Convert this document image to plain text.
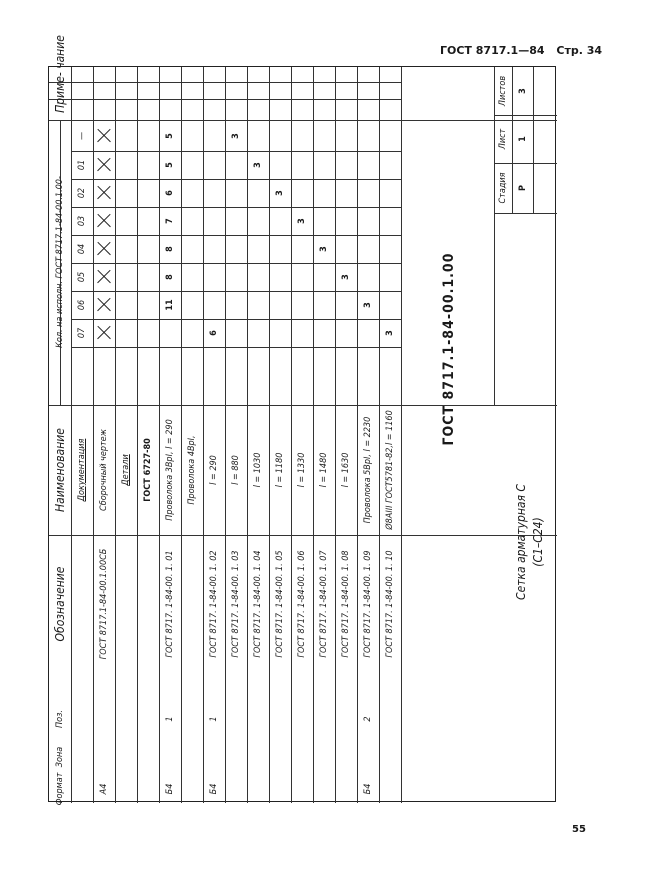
ГОСТ 8717.1—84 Стр. 34
Приме- чание
Кол. на исполн. ГОСТ 8717.1-84-00.1.00-
Наименование
Обозначение
Поз.
Зона
Формат
—
01
02
03
04
05
06
07
Документация
А4
ГОСТ 8717.1-84-00.1.00СБ
Сборочный чертеж Детали ГОСТ 6727-80
Б4
1
ГОСТ 8717. 1-84-00. 1. 01
Проволока 3ВрI, l = 290
5
5
6
7
8
8
11
Проволока 4ВрI,
Б4
1
ГОСТ 8717. 1-84-00. 1. 02
l = 290
6
ГОСТ 8717. 1-84-00. 1. 03
l = 880
3
ГОСТ 8717. 1-84-00. 1. 04
l = 1030
3
ГОСТ 8717. 1-84-00. 1. 05
l = 1180
3
ГОСТ 8717. 1-84-00. 1. 06
l = 1330
3
ГОСТ 8717. 1-84-00. 1. 07
l = 1480
3
ГОСТ 8717. 1-84-00. 1. 08
l = 1630
3
Б4
2
ГОСТ 8717. 1-84-00. 1. 09
Проволока 5ВрI, l = 2230
3
ГОСТ 8717. 1-84-00. 1. 10
Ø8АIII ГОСТ5781-82,l = 1160
3	ГОСТ 8717.1-84-00.1.00
Сетка арматурная С (С1–С24)
Листов
Лист
Стадия
3
1
Р
55
